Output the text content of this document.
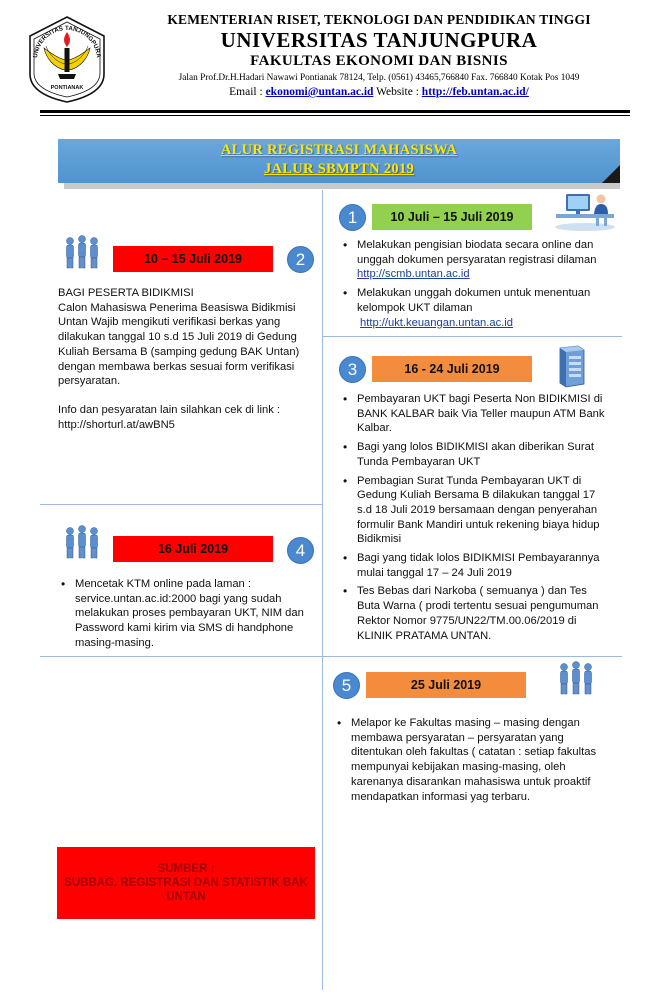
UNIVERSITAS TANJUNGPURA
PONTIANAK
KEMENTERIAN RISET, TEKNOLOGI DAN PENDIDIKAN TINGGI
UNIVERSITAS TANJUNGPURA
FAKULTAS EKONOMI DAN BISNIS
Jalan Prof.Dr.H.Hadari Nawawi Pontianak 78124, Telp. (0561) 43465,766840 Fax. 766840 Kotak Pos 1049
Email : ekonomi@untan.ac.id Website : http://feb.untan.ac.id/
ALUR REGISTRASI MAHASISWA
JALUR SBMPTN 2019
1	10 Juli – 15 Juli 2019
• Melakukan pengisian biodata secara online dan unggah dokumen persyaratan registrasi dilaman
http://scmb.untan.ac.id
• Melakukan unggah dokumen untuk menentuan kelompok UKT dilaman
http://ukt.keuangan.untan.ac.id
10 – 15 Juli 2019	2
BAGI PESERTA BIDIKMISI
Calon Mahasiswa Penerima Beasiswa Bidikmisi Untan Wajib mengikuti verifikasi berkas yang dilakukan tanggal 10 s.d 15 Juli 2019 di Gedung Kuliah Bersama B (samping gedung BAK Untan) dengan membawa berkas sesuai form verifikasi persyaratan.
Info dan pesyaratan lain silahkan cek di link :
http://shorturl.at/awBN5
3	16 - 24 Juli 2019
• Pembayaran UKT bagi Peserta Non BIDIKMISI di BANK KALBAR baik Via Teller maupun ATM Bank Kalbar.
• Bagi yang lolos BIDIKMISI akan diberikan Surat Tunda Pembayaran UKT
• Pembagian Surat Tunda Pembayaran UKT di Gedung Kuliah Bersama B dilakukan tanggal 17 s.d 18 Juli 2019 bersamaan dengan penyerahan formulir Bank Mandiri untuk rekening biaya hidup Bidikmisi
• Bagi yang tidak lolos BIDIKMISI Pembayarannya mulai tanggal 17 – 24 Juli 2019
• Tes Bebas dari Narkoba ( semuanya ) dan Tes Buta Warna ( prodi tertentu sesuai pengumuman Rektor Nomor 9775/UN22/TM.00.06/2019 di KLINIK PRATAMA UNTAN.
16 Juli 2019	4
• Mencetak KTM online pada laman : service.untan.ac.id:2000 bagi yang sudah melakukan proses pembayaran UKT, NIM dan Password kami kirim via SMS di handphone masing-masing.
5	25 Juli 2019
• Melapor ke Fakultas masing – masing dengan membawa persyaratan – persyaratan yang ditentukan oleh fakultas ( catatan : setiap fakultas mempunyai kebijakan masing-masing, oleh karenanya disarankan mahasiswa untuk proaktif mendapatkan informasi yag terbaru.
SUMBER :
SUBBAG. REGISTRASI DAN STATISTIK BAK UNTAN
